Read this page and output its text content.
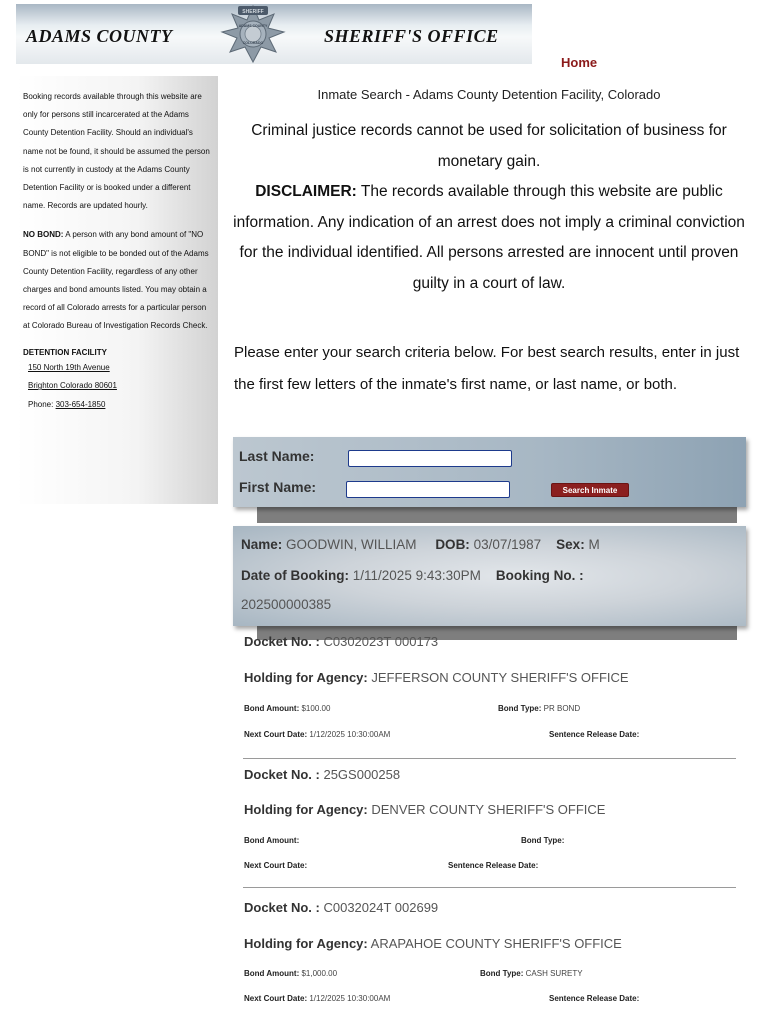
ADAMS COUNTY
SHERIFF
ADAMS COUNTY
COLORADO	SHERIFF'S OFFICE
Home

Booking records available through this website are only for persons still incarcerated at the Adams County Detention Facility. Should an individual's name not be found, it should be assumed the person is not currently in custody at the Adams County Detention Facility or is booked under a different name. Records are updated hourly.

NO BOND: A person with any bond amount of "NO BOND" is not eligible to be bonded out of the Adams County Detention Facility, regardless of any other charges and bond amounts listed. You may obtain a record of all Colorado arrests for a particular person at Colorado Bureau of Investigation Records Check.

DETENTION FACILITY
150 North 19th Avenue
Brighton Colorado 80601
Phone: 303-654-1850
Inmate Search - Adams County Detention Facility, Colorado
Criminal justice records cannot be used for solicitation of business for monetary gain.
DISCLAIMER: The records available through this website are public information. Any indication of an arrest does not imply a criminal conviction for the individual identified. All persons arrested are innocent until proven guilty in a court of law.
Please enter your search criteria below. For best search results, enter in just the first few letters of the inmate's first name, or last name, or both.
Last Name:
First Name:	Search Inmate
Name: GOODWIN, WILLIAM DOB: 03/07/1987 Sex: M
Date of Booking: 1/11/2025 9:43:30PM Booking No. :
202500000385
Docket No. : C0302023T 000173
Holding for Agency: JEFFERSON COUNTY SHERIFF'S OFFICE
Bond Amount: $100.00	Bond Type: PR BOND
Next Court Date: 1/12/2025 10:30:00AM	Sentence Release Date:
Docket No. : 25GS000258
Holding for Agency: DENVER COUNTY SHERIFF'S OFFICE
Bond Amount:	Bond Type:
Next Court Date:	Sentence Release Date:
Docket No. : C0032024T 002699
Holding for Agency: ARAPAHOE COUNTY SHERIFF'S OFFICE
Bond Amount: $1,000.00	Bond Type: CASH SURETY
Next Court Date: 1/12/2025 10:30:00AM	Sentence Release Date:
